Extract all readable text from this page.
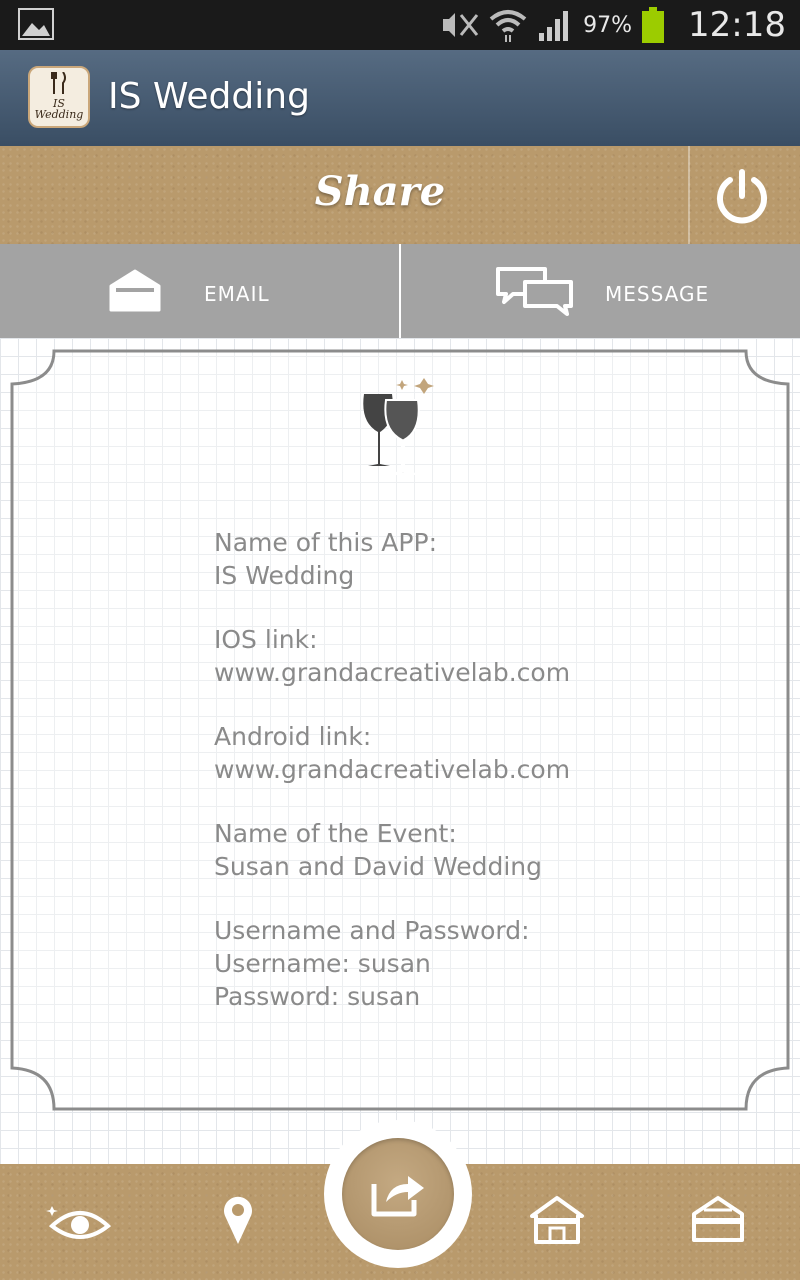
97% 12:18
IS
Wedding IS Wedding
Share
EMAIL	MESSAGE
Name of this APP:
IS Wedding
IOS link:
www.grandacreativelab.com
Android link:
www.grandacreativelab.com
Name of the Event:
Susan and David Wedding
Username and Password:
Username: susan
Password: susan
